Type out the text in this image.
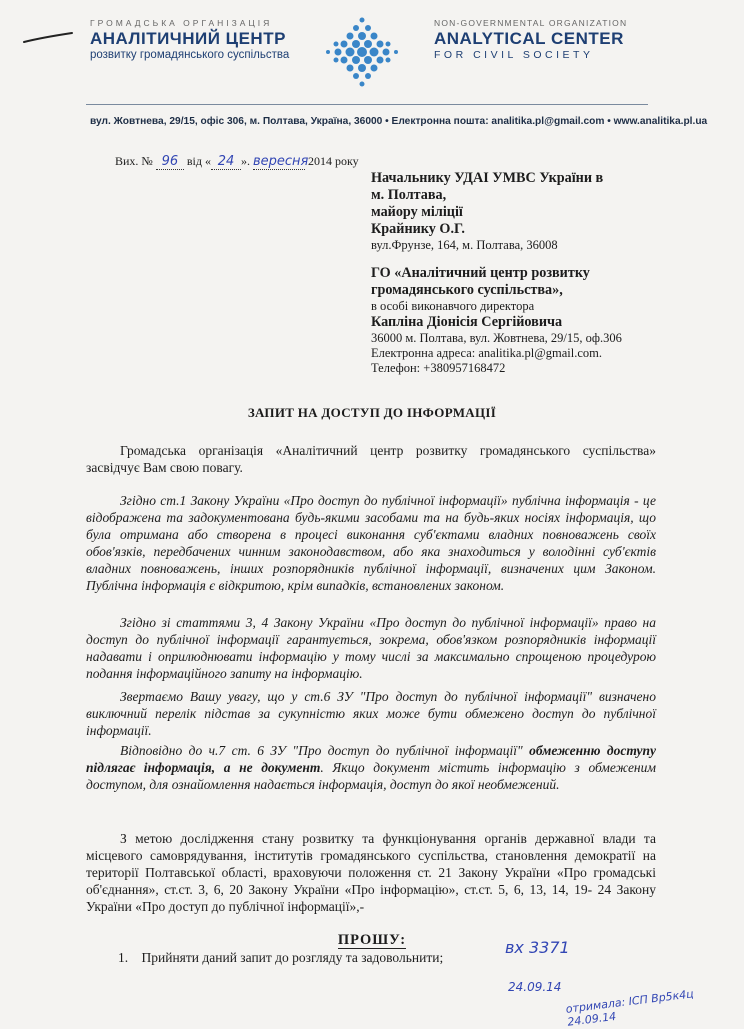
ГРОМАДСЬКА ОРГАНІЗАЦІЯ
АНАЛІТИЧНИЙ ЦЕНТР
розвитку громадянського суспільства
NON-GOVERNMENTAL ORGANIZATION
ANALYTICAL CENTER
FOR CIVIL SOCIETY
вул. Жовтнева, 29/15, офіс 306, м. Полтава, Україна, 36000 • Електронна пошта: analitika.pl@gmail.com • www.analitika.pl.ua
Вих. № 96 від « 24 ». вересня 2014 року
Начальнику УДАІ УМВС України в
м. Полтава,
майору міліції
Крайнику О.Г.
вул.Фрунзе, 164, м. Полтава, 36008
ГО «Аналітичний центр розвитку
громадянського суспільства»,
в особі виконавчого директора
Капліна Діонісія Сергійовича
36000 м. Полтава, вул. Жовтнева, 29/15, оф.306
Електронна адреса: analitika.pl@gmail.com.
Телефон: +380957168472
ЗАПИТ НА ДОСТУП ДО ІНФОРМАЦІЇ
Громадська організація «Аналітичний центр розвитку громадянського суспільства» засвідчує Вам свою повагу.
Згідно ст.1 Закону України «Про доступ до публічної інформації» публічна інформація - це відображена та задокументована будь-якими засобами та на будь-яких носіях інформація, що була отримана або створена в процесі виконання суб'єктами владних повноважень своїх обов'язків, передбачених чинним законодавством, або яка знаходиться у володінні суб'єктів владних повноважень, інших розпорядників публічної інформації, визначених цим Законом. Публічна інформація є відкритою, крім випадків, встановлених законом.
Згідно зі статтями 3, 4 Закону України «Про доступ до публічної інформації» право на доступ до публічної інформації гарантується, зокрема, обов'язком розпорядників інформації надавати і оприлюднювати інформацію у тому числі за максимально спрощеною процедурою подання інформаційного запиту на інформацію.
Звертаємо Вашу увагу, що у ст.6 ЗУ "Про доступ до публічної інформації" визначено виключний перелік підстав за сукупністю яких може бути обмежено доступ до публічної інформації.
Відповідно до ч.7 ст. 6 ЗУ "Про доступ до публічної інформації" обмеженню доступу підлягає інформація, а не документ. Якщо документ містить інформацію з обмеженим доступом, для ознайомлення надається інформація, доступ до якої необмежений.
З метою дослідження стану розвитку та функціонування органів державної влади та місцевого самоврядування, інститутів громадянського суспільства, становлення демократії на території Полтавської області, враховуючи положення ст. 21 Закону України «Про громадські об'єднання», ст.ст. 3, 6, 20 Закону України «Про інформацію», ст.ст. 5, 6, 13, 14, 19- 24 Закону України «Про доступ до публічної інформації»,-
ПРОШУ:
1. Прийняти даний запит до розгляду та задовольнити;
вх 3371
24.09.14
отримала: ІСП Вр5к4ц 24.09.14
